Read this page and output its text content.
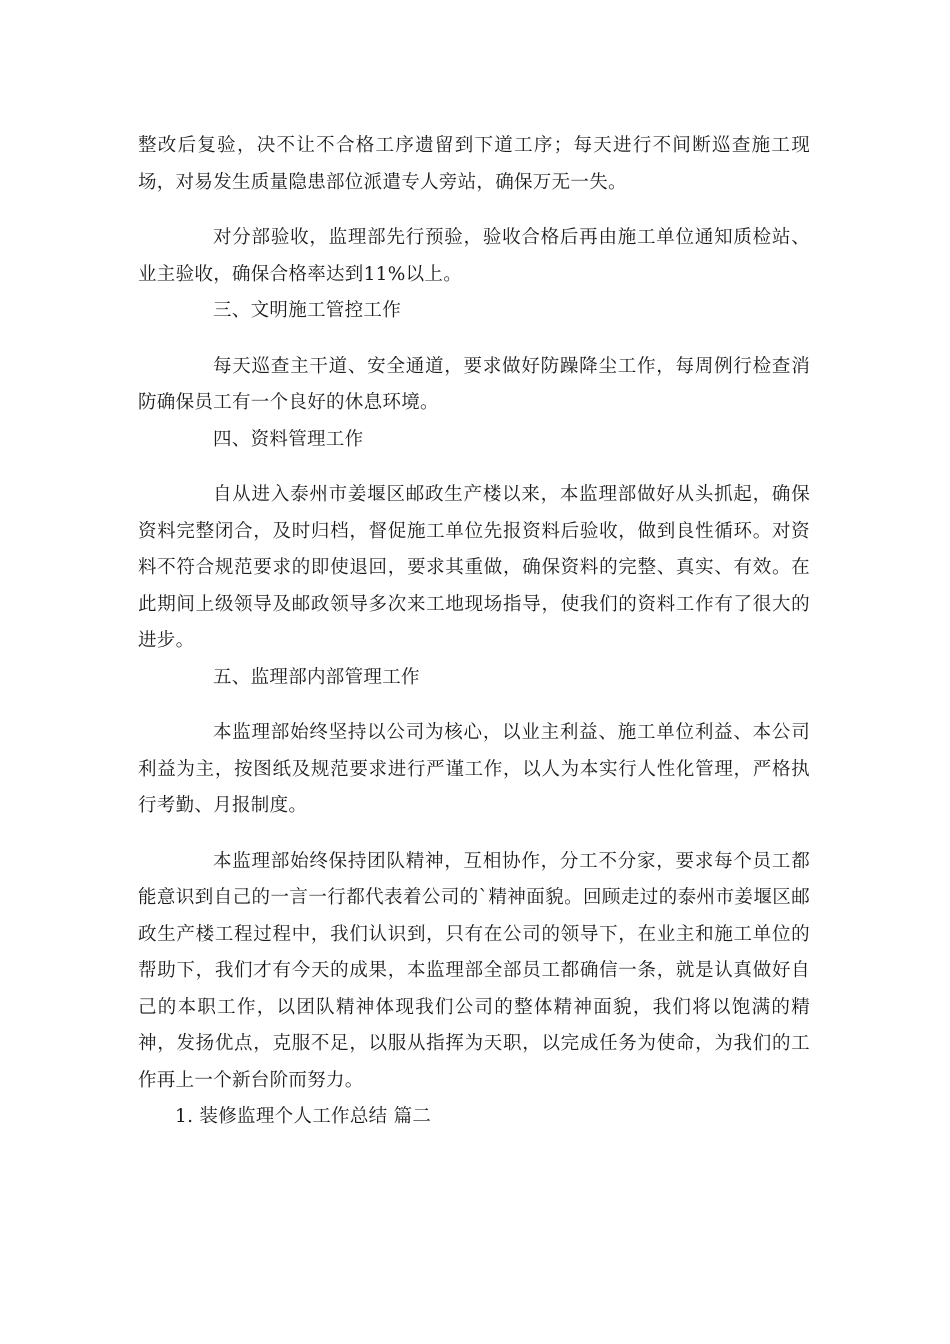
整改后复验，决不让不合格工序遗留到下道工序；每天进行不间断巡查施工现场，对易发生质量隐患部位派遣专人旁站，确保万无一失。

对分部验收，监理部先行预验，验收合格后再由施工单位通知质检站、业主验收，确保合格率达到11%以上。

三、文明施工管控工作

每天巡查主干道、安全通道，要求做好防躁降尘工作，每周例行检查消防确保员工有一个良好的休息环境。

四、资料管理工作

自从进入泰州市姜堰区邮政生产楼以来，本监理部做好从头抓起，确保资料完整闭合，及时归档，督促施工单位先报资料后验收，做到良性循环。对资料不符合规范要求的即使退回，要求其重做，确保资料的完整、真实、有效。在此期间上级领导及邮政领导多次来工地现场指导，使我们的资料工作有了很大的进步。

五、监理部内部管理工作

本监理部始终坚持以公司为核心，以业主利益、施工单位利益、本公司利益为主，按图纸及规范要求进行严谨工作，以人为本实行人性化管理，严格执行考勤、月报制度。

本监理部始终保持团队精神，互相协作，分工不分家，要求每个员工都能意识到自己的一言一行都代表着公司的`精神面貌。回顾走过的泰州市姜堰区邮政生产楼工程过程中，我们认识到，只有在公司的领导下，在业主和施工单位的帮助下，我们才有今天的成果，本监理部全部员工都确信一条，就是认真做好自己的本职工作，以团队精神体现我们公司的整体精神面貌，我们将以饱满的精神，发扬优点，克服不足，以服从指挥为天职，以完成任务为使命，为我们的工作再上一个新台阶而努力。

1. 装修监理个人工作总结 篇二
